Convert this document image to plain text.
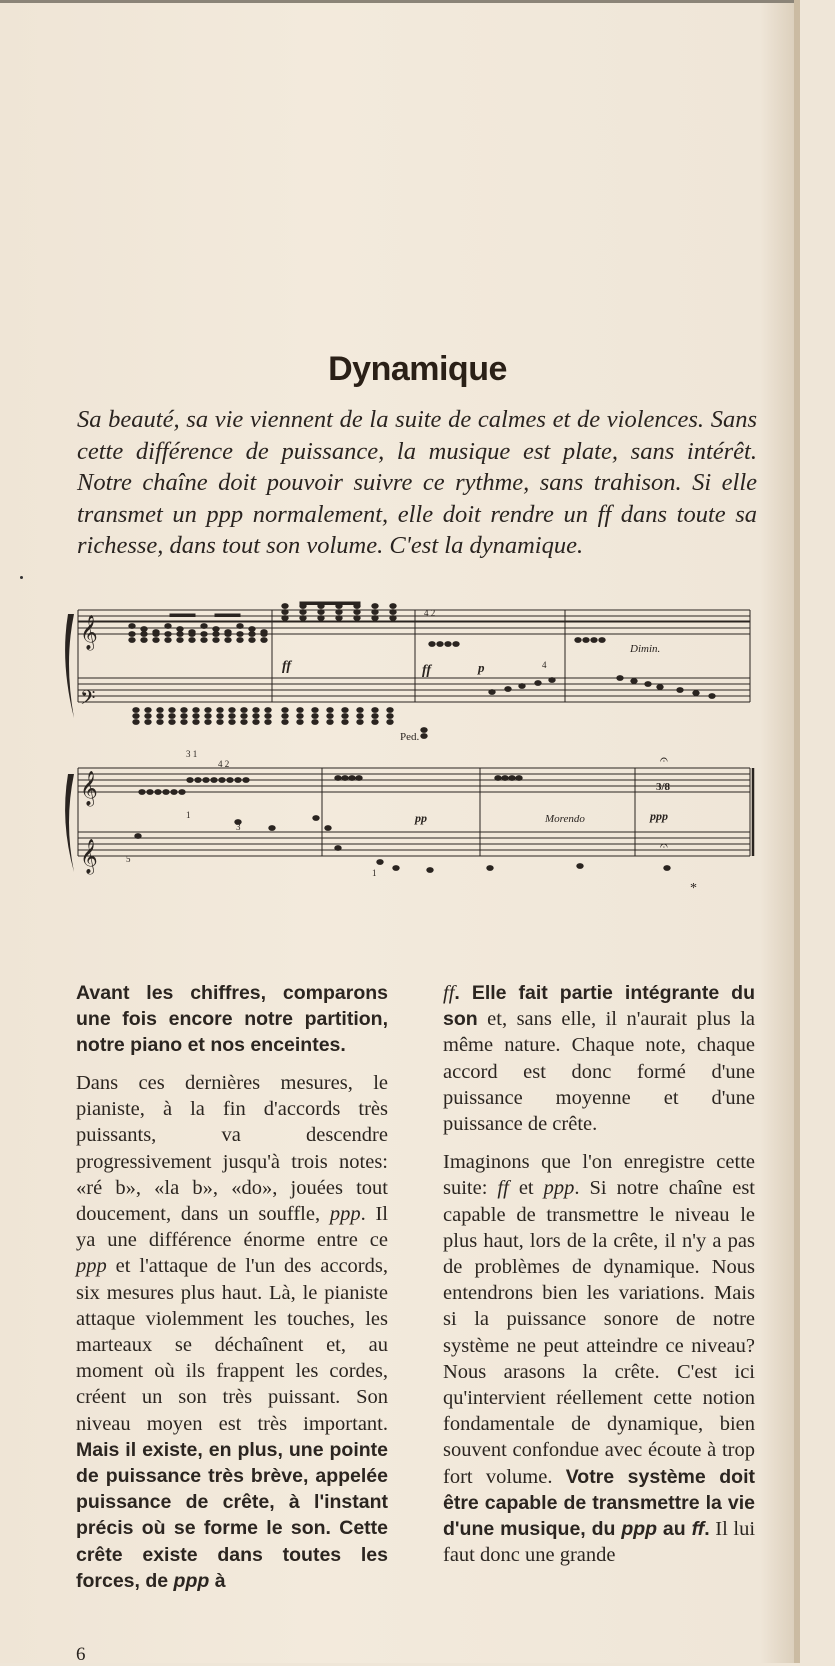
Dynamique
Sa beauté, sa vie viennent de la suite de calmes et de violences. Sans cette différence de puissance, la musique est plate, sans intérêt. Notre chaîne doit pouvoir suivre ce rythme, sans trahison. Si elle transmet un ppp normalement, elle doit rendre un ff dans toute sa richesse, dans tout son volume. C'est la dynamique.
𝄞
𝄢
𝄞
𝄞
ff	ff	p
Dimin.
Ped.
pp	Morendo	ppp
3/8
4 2
3 1
4 2
1
3
5
1
4
𝄐
𝄐
*

Avant les chiffres, comparons une fois encore notre partition, notre piano et nos enceintes.

Dans ces dernières mesures, le pianiste, à la fin d'accords très puissants, va descendre progressivement jusqu'à trois notes: «ré b», «la b», «do», jouées tout doucement, dans un souffle, ppp. Il ya une différence énorme entre ce ppp et l'attaque de l'un des accords, six mesures plus haut. Là, le pianiste attaque violemment les touches, les marteaux se déchaînent et, au moment où ils frappent les cordes, créent un son très puissant. Son niveau moyen est très important. Mais il existe, en plus, une pointe de puissance très brève, appelée puissance de crête, à l'instant précis où se forme le son. Cette crête existe dans toutes les forces, de ppp à

ff. Elle fait partie intégrante du son et, sans elle, il n'aurait plus la même nature. Chaque note, chaque accord est donc formé d'une puissance moyenne et d'une puissance de crête.

Imaginons que l'on enregistre cette suite: ff et ppp. Si notre chaîne est capable de transmettre le niveau le plus haut, lors de la crête, il n'y a pas de problèmes de dynamique. Nous entendrons bien les variations. Mais si la puissance sonore de notre système ne peut atteindre ce niveau? Nous arasons la crête. C'est ici qu'intervient réellement cette notion fondamentale de dynamique, bien souvent confondue avec écoute à trop fort volume. Votre système doit être capable de transmettre la vie d'une musique, du ppp au ff. Il lui faut donc une grande

6
